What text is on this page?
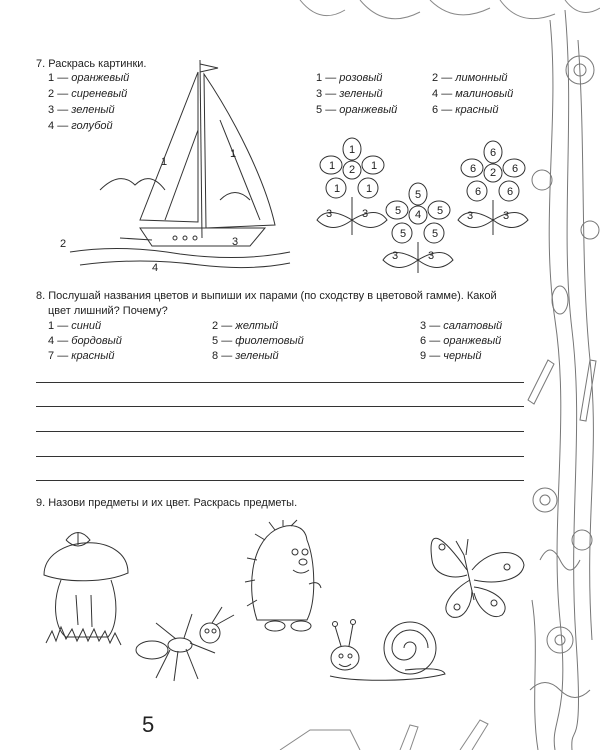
7. Раскрась картинки.
1 — оранжевый
2 — сиреневый
3 — зеленый
4 — голубой
1 — розовый
3 — зеленый
5 — оранжевый
2 — лимонный
4 — малиновый
6 — красный
1
1
2	3
4
1
1
1
1
1 2
3	3
5
5
5
5
5 4
3	3
6
6
6
6
6 2
3	3
8. Послушай названия цветов и выпиши их парами (по сходству в цветовой гамме). Какой
цвет лишний? Почему?
1 — синий	2 — желтый	3 — салатовый
4 — бордовый	5 — фиолетовый	6 — оранжевый
7 — красный	8 — зеленый	9 — черный
9. Назови предметы и их цвет. Раскрась предметы.
5
